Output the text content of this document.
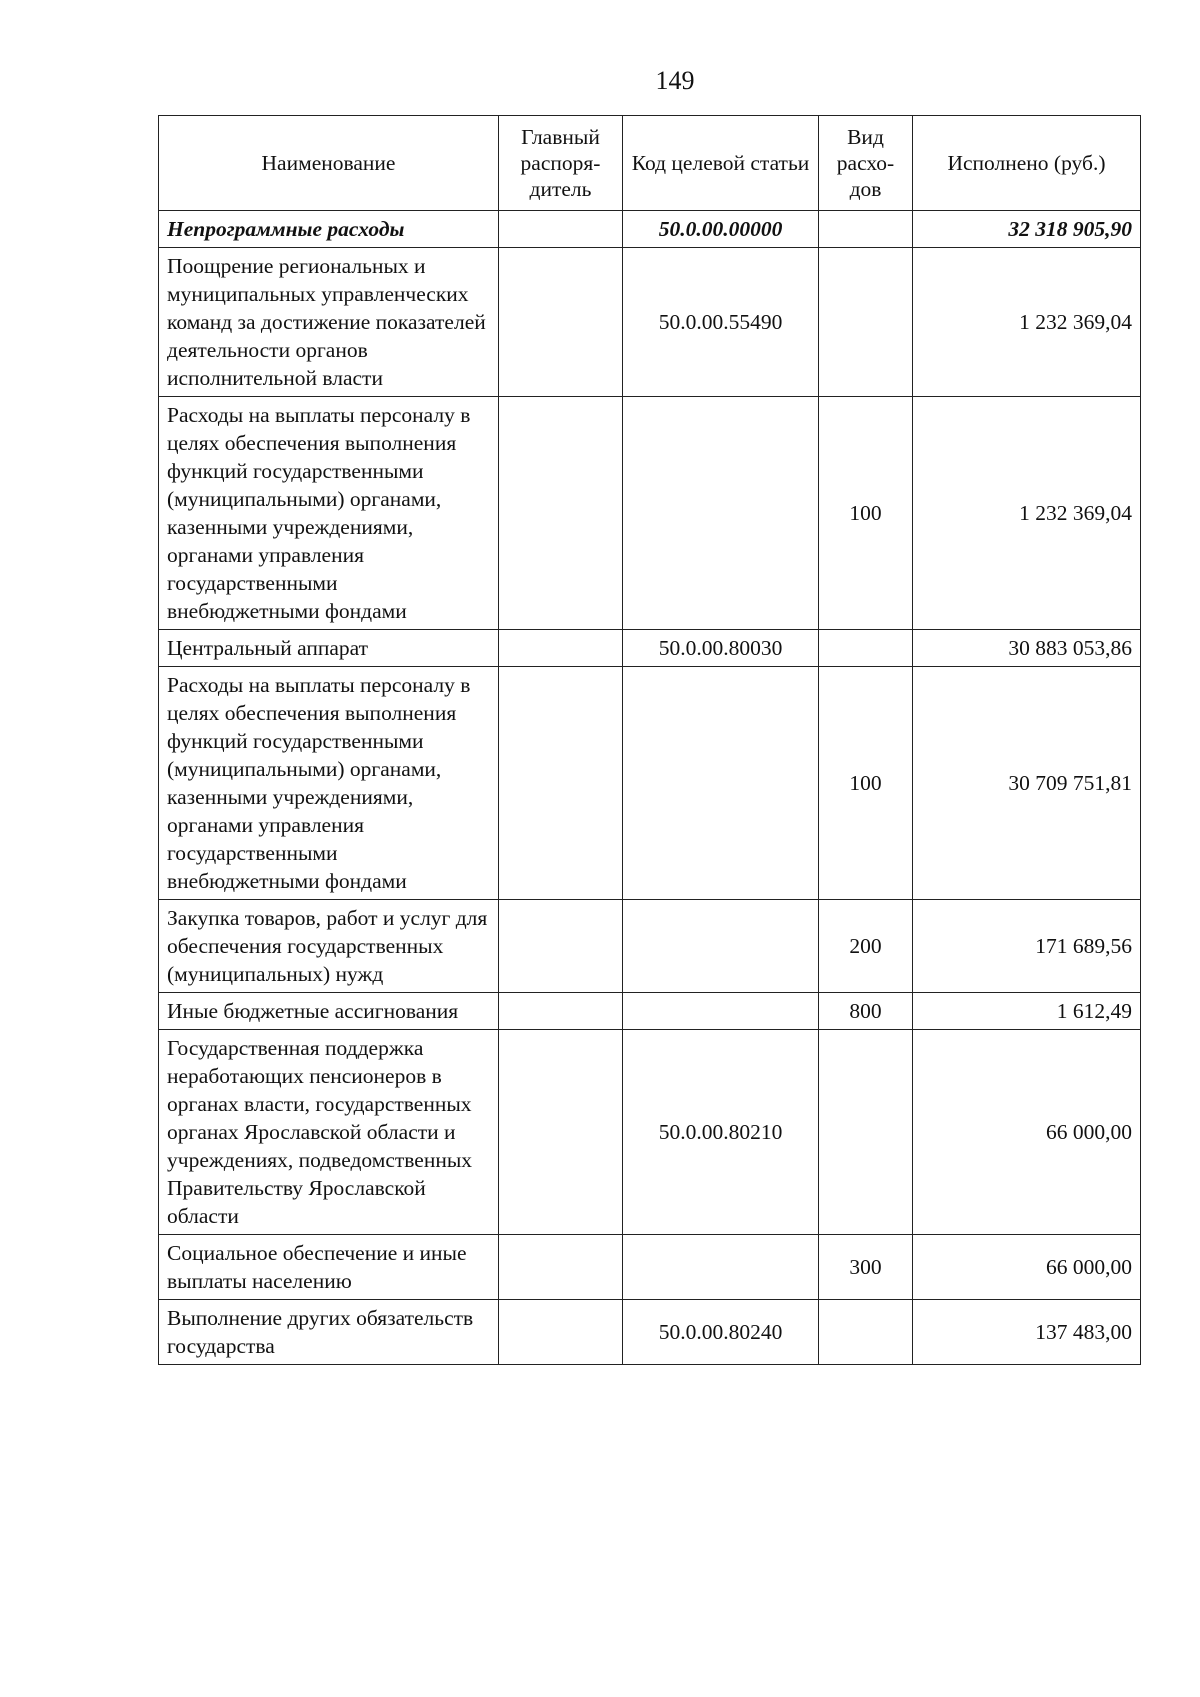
149
Наименование	Главный распоря-дитель	Код целевой статьи	Вид расхо-дов	Исполнено (руб.)
Непрограммные расходы		50.0.00.00000		32 318 905,90
Поощрение региональных и муниципальных управленческих команд за достижение показателей деятельности органов исполнительной власти		50.0.00.55490		1 232 369,04
Расходы на выплаты персоналу в целях обеспечения выполнения функций государственными (муниципальными) органами, казенными учреждениями, органами управления государственными внебюджетными фондами			100	1 232 369,04
Центральный аппарат		50.0.00.80030		30 883 053,86
Расходы на выплаты персоналу в целях обеспечения выполнения функций государственными (муниципальными) органами, казенными учреждениями, органами управления государственными внебюджетными фондами			100	30 709 751,81
Закупка товаров, работ и услуг для обеспечения государственных (муниципальных) нужд			200	171 689,56
Иные бюджетные ассигнования			800	1 612,49
Государственная поддержка неработающих пенсионеров в органах власти, государственных органах Ярославской области и учреждениях, подведомственных Правительству Ярославской области		50.0.00.80210		66 000,00
Социальное обеспечение и иные выплаты населению			300	66 000,00
Выполнение других обязательств государства		50.0.00.80240		137 483,00
